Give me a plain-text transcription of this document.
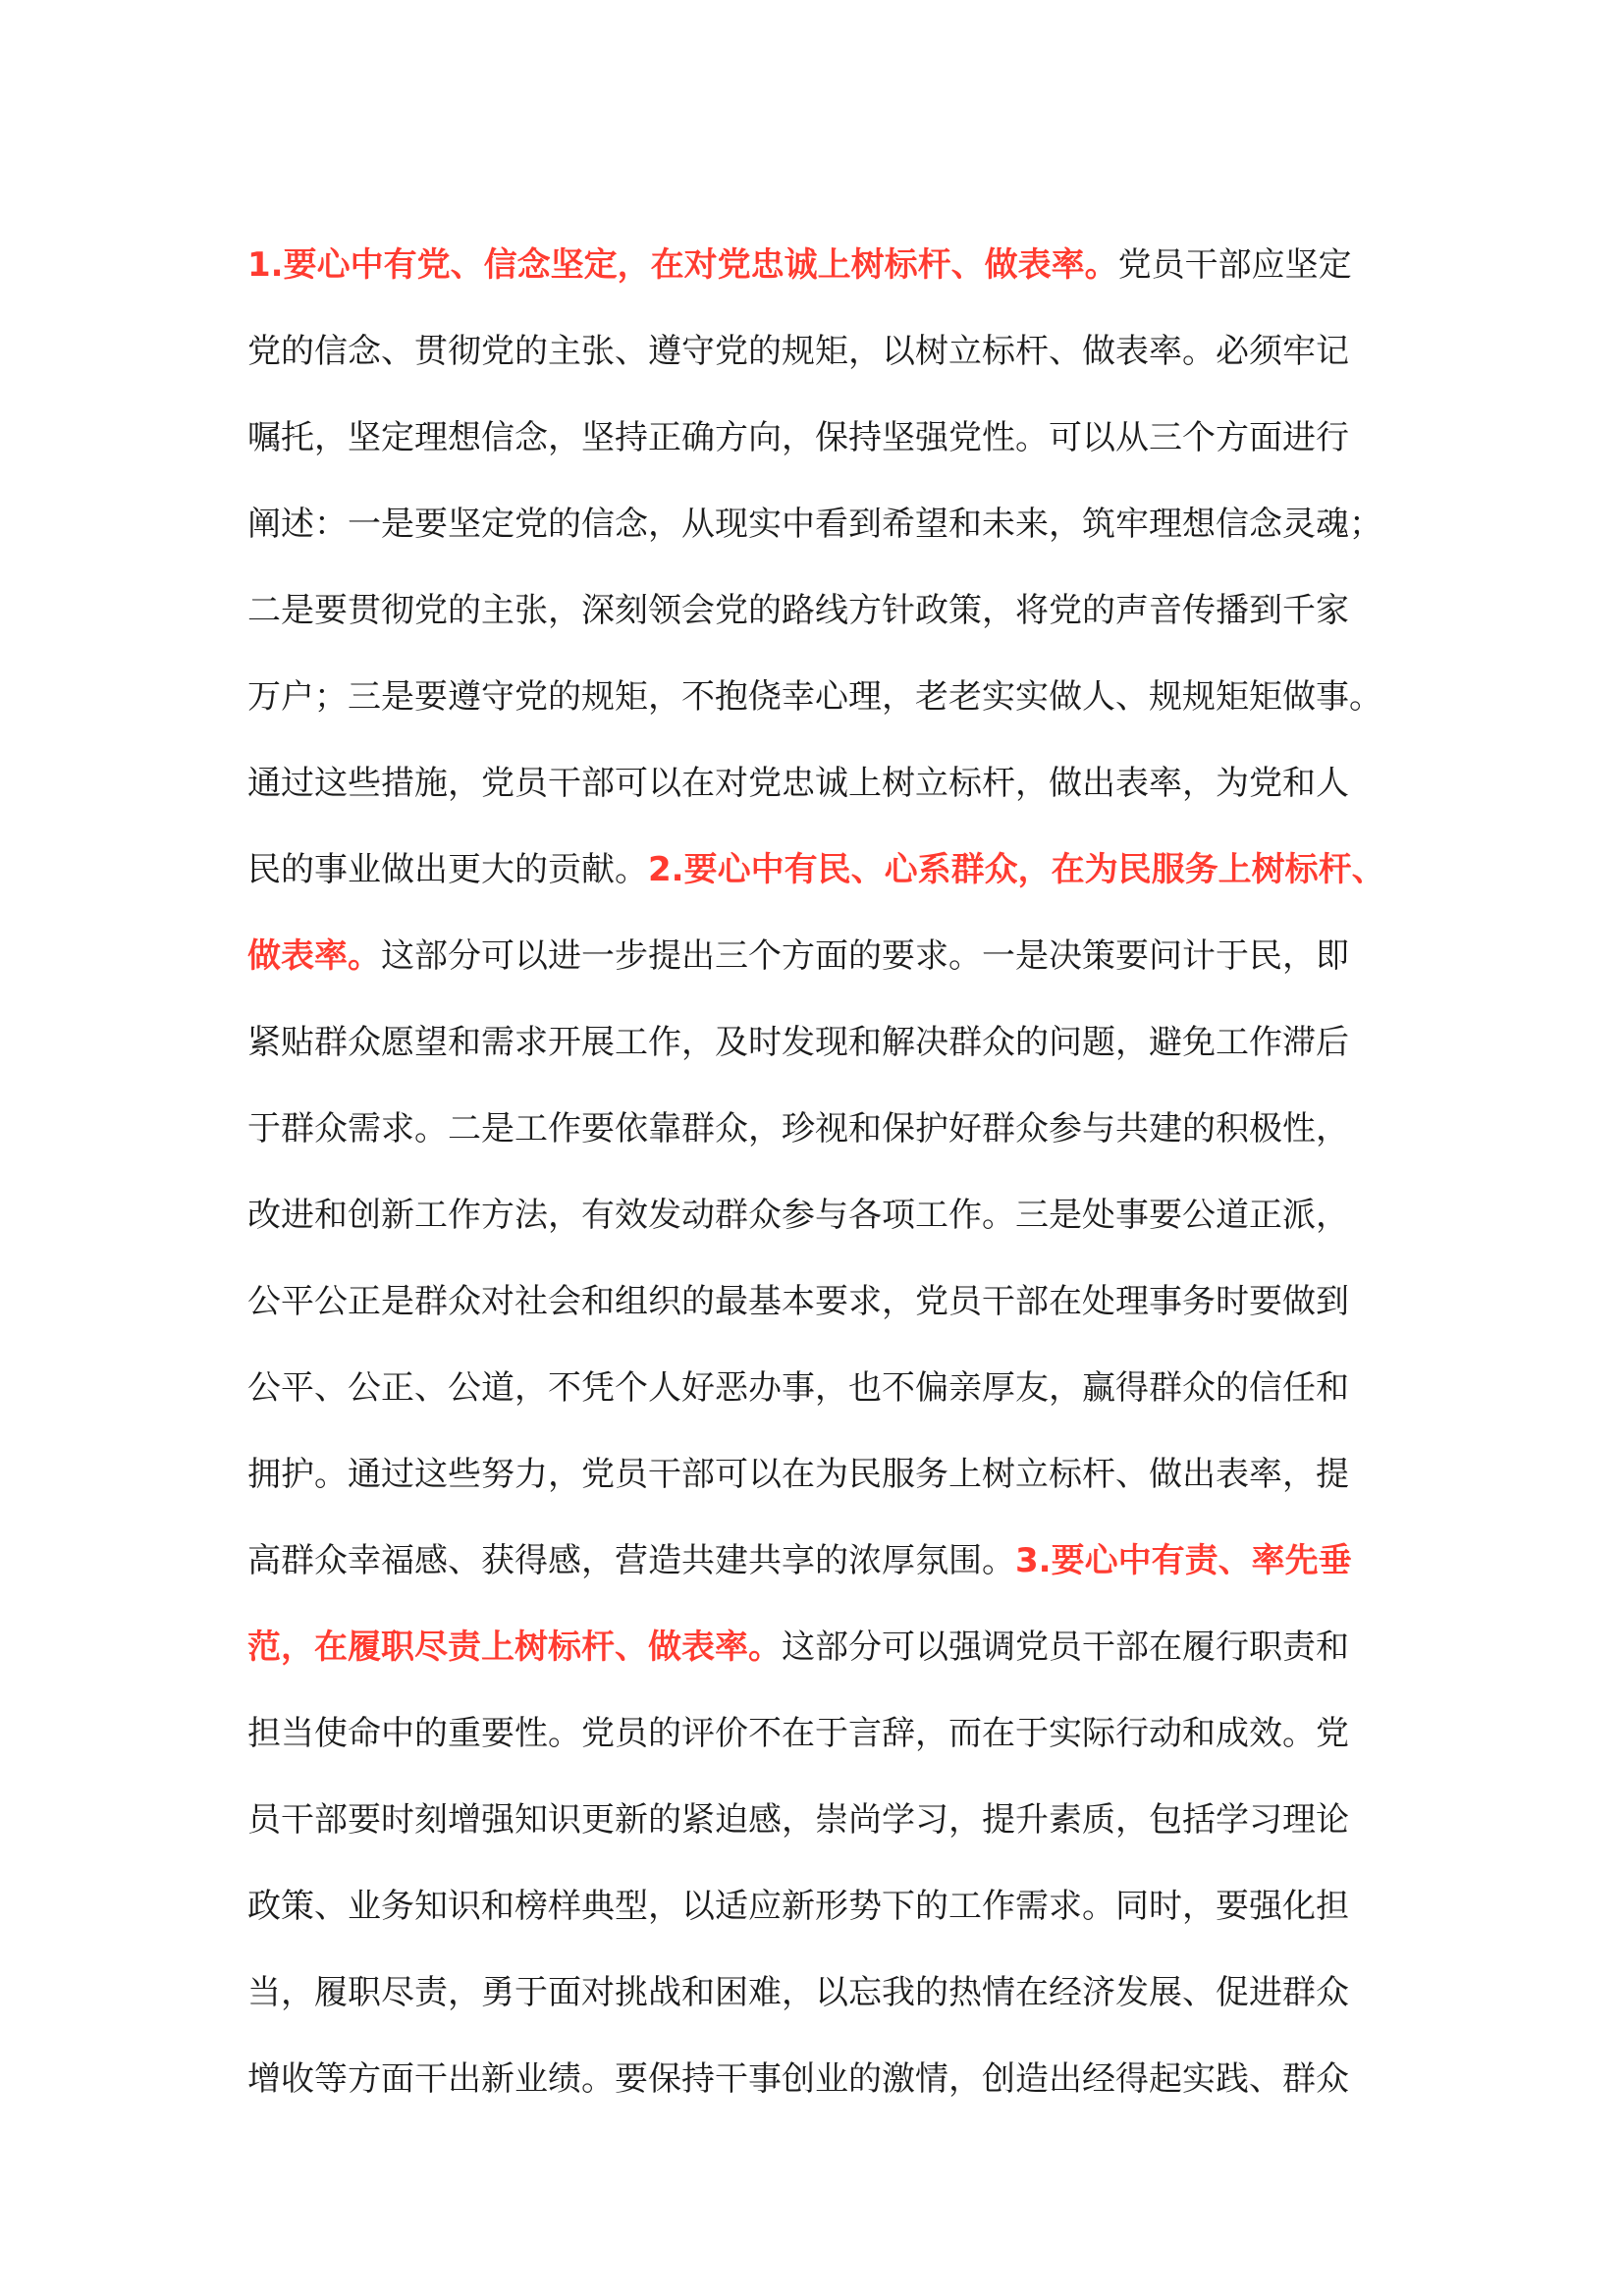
1.要心中有党、信念坚定，在对党忠诚上树标杆、做表率。党员干部应坚定
党的信念、贯彻党的主张、遵守党的规矩，以树立标杆、做表率。必须牢记
嘱托，坚定理想信念，坚持正确方向，保持坚强党性。可以从三个方面进行
阐述：一是要坚定党的信念，从现实中看到希望和未来，筑牢理想信念灵魂；
二是要贯彻党的主张，深刻领会党的路线方针政策，将党的声音传播到千家
万户；三是要遵守党的规矩，不抱侥幸心理，老老实实做人、规规矩矩做事。
通过这些措施，党员干部可以在对党忠诚上树立标杆，做出表率，为党和人
民的事业做出更大的贡献。2.要心中有民、心系群众，在为民服务上树标杆、
做表率。这部分可以进一步提出三个方面的要求。一是决策要问计于民，即
紧贴群众愿望和需求开展工作，及时发现和解决群众的问题，避免工作滞后
于群众需求。二是工作要依靠群众，珍视和保护好群众参与共建的积极性，
改进和创新工作方法，有效发动群众参与各项工作。三是处事要公道正派，
公平公正是群众对社会和组织的最基本要求，党员干部在处理事务时要做到
公平、公正、公道，不凭个人好恶办事，也不偏亲厚友，赢得群众的信任和
拥护。通过这些努力，党员干部可以在为民服务上树立标杆、做出表率，提
高群众幸福感、获得感，营造共建共享的浓厚氛围。3.要心中有责、率先垂
范，在履职尽责上树标杆、做表率。这部分可以强调党员干部在履行职责和
担当使命中的重要性。党员的评价不在于言辞，而在于实际行动和成效。党
员干部要时刻增强知识更新的紧迫感，崇尚学习，提升素质，包括学习理论
政策、业务知识和榜样典型，以适应新形势下的工作需求。同时，要强化担
当，履职尽责，勇于面对挑战和困难，以忘我的热情在经济发展、促进群众
增收等方面干出新业绩。要保持干事创业的激情，创造出经得起实践、群众
